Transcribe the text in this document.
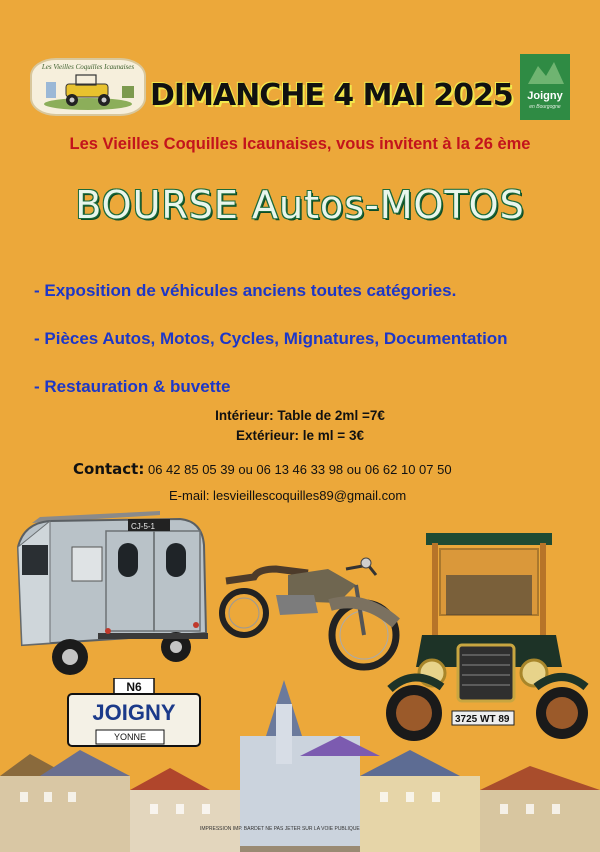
Les Vieilles Coquilles Icaunaises
Joigny
en Bourgogne
DIMANCHE 4 MAI 2025
Les Vieilles Coquilles Icaunaises, vous invitent à la 26 ème
BOURSE Autos-MOTOS
- Exposition de véhicules anciens toutes catégories.
- Pièces Autos, Motos, Cycles, Mignatures, Documentation
- Restauration & buvette
Intérieur: Table de 2ml =7€
Extérieur: le ml = 3€
Contact: 06 42 85 05 39 ou 06 13 46 33 98 ou 06 62 10 07 50
E-mail: lesvieillescoquilles89@gmail.com
CJ-5-1
3725 WT 89
N6
JOIGNY
YONNE
IMPRESSION IMP. BARDET NE PAS JETER SUR LA VOIE PUBLIQUE
